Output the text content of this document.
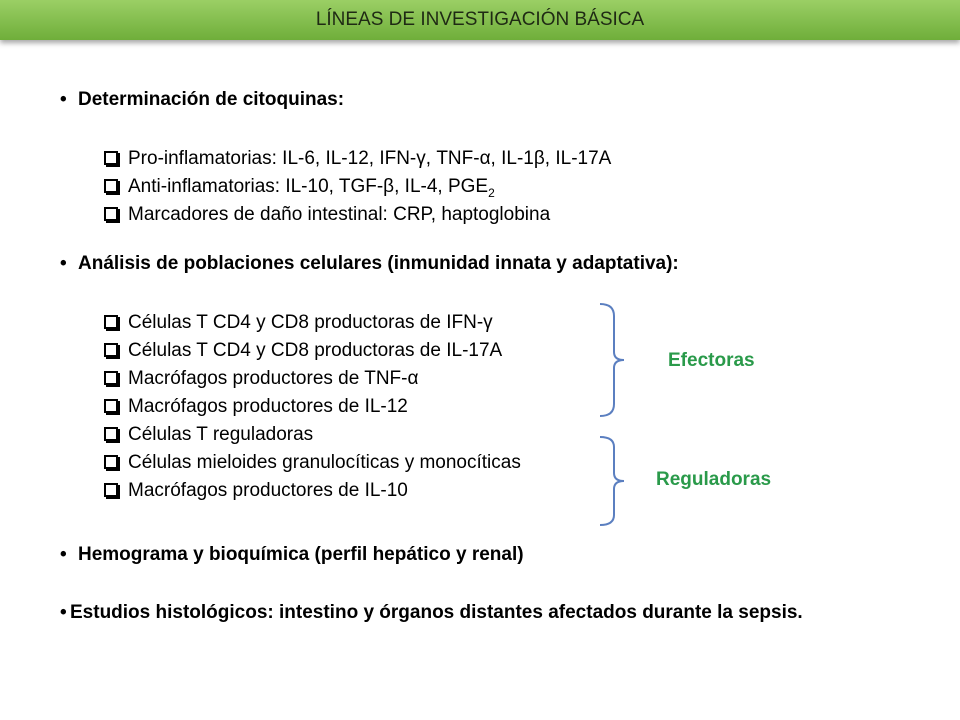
LÍNEAS DE INVESTIGACIÓN BÁSICA
• Determinación de citoquinas:
Pro-inflamatorias: IL-6, IL-12, IFN-γ, TNF-α, IL-1β, IL-17A
Anti-inflamatorias: IL-10, TGF-β, IL-4, $PGE_2$
Marcadores de daño intestinal: CRP, haptoglobina
• Análisis de poblaciones celulares (inmunidad innata y adaptativa):
Células T CD4 y CD8 productoras de IFN-γ
Células T CD4 y CD8 productoras de IL-17A
Macrófagos productores de TNF-α
Macrófagos productores de IL-12
Células T reguladoras
Células mieloides granulocíticas y monocíticas
Macrófagos productores de IL-10
Efectoras
Reguladoras
• Hemograma y bioquímica (perfil hepático y renal)
• Estudios histológicos: intestino y órganos distantes afectados durante la sepsis.
